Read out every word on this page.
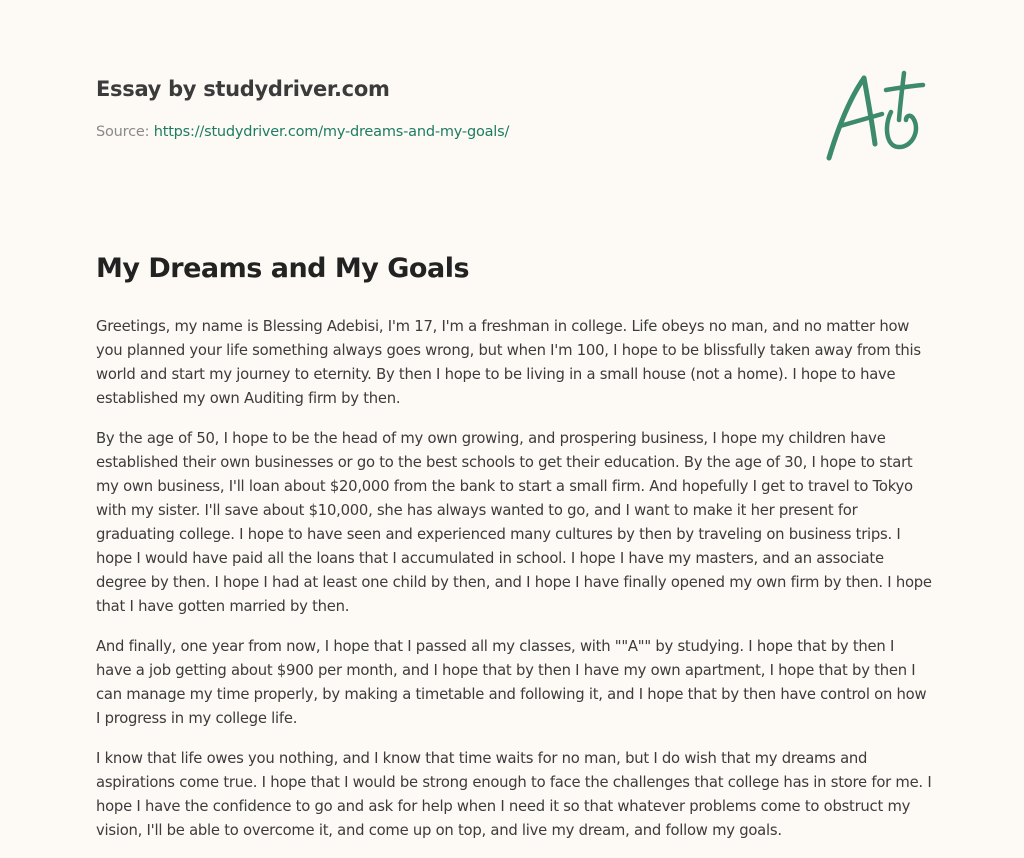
Essay by studydriver.com
Source: https://studydriver.com/my-dreams-and-my-goals/
My Dreams and My Goals

Greetings, my name is Blessing Adebisi, I'm 17, I'm a freshman in college. Life obeys no man, and no matter how you planned your life something always goes wrong, but when I'm 100, I hope to be blissfully taken away from this world and start my journey to eternity. By then I hope to be living in a small house (not a home). I hope to have established my own Auditing firm by then.

By the age of 50, I hope to be the head of my own growing, and prospering business, I hope my children have established their own businesses or go to the best schools to get their education. By the age of 30, I hope to start my own business, I'll loan about $20,000 from the bank to start a small firm. And hopefully I get to travel to Tokyo with my sister. I'll save about $10,000, she has always wanted to go, and I want to make it her present for graduating college. I hope to have seen and experienced many cultures by then by traveling on business trips. I hope I would have paid all the loans that I accumulated in school. I hope I have my masters, and an associate degree by then. I hope I had at least one child by then, and I hope I have finally opened my own firm by then. I hope that I have gotten married by then.

And finally, one year from now, I hope that I passed all my classes, with ""A"" by studying. I hope that by then I have a job getting about $900 per month, and I hope that by then I have my own apartment, I hope that by then I can manage my time properly, by making a timetable and following it, and I hope that by then have control on how I progress in my college life.

I know that life owes you nothing, and I know that time waits for no man, but I do wish that my dreams and aspirations come true. I hope that I would be strong enough to face the challenges that college has in store for me. I hope I have the confidence to go and ask for help when I need it so that whatever problems come to obstruct my vision, I'll be able to overcome it, and come up on top, and live my dream, and follow my goals.
